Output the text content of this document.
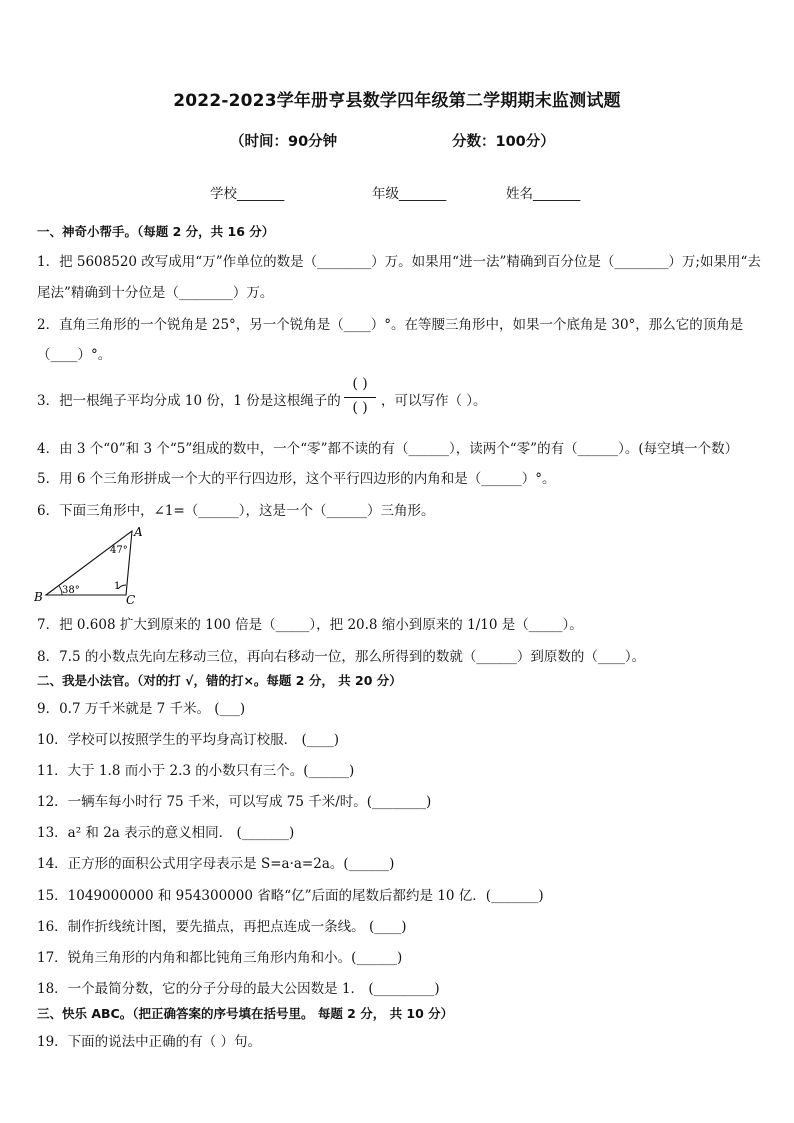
2022-2023学年册亨县数学四年级第二学期期末监测试题
（时间：90分钟	分数：100分）
学校_______	年级_______	姓名_______
一、神奇小帮手。（每题 2 分，共 16 分）
1．把 5608520 改写成用“万”作单位的数是（________）万。如果用“进一法”精确到百分位是（________）万;如果用“去
尾法”精确到十分位是（________）万。
2．直角三角形的一个锐角是 25°，另一个锐角是（____）°。在等腰三角形中，如果一个底角是 30°，那么它的顶角是
（____）°。
3．把一根绳子平均分成 10 份，1 份是这根绳子的
( )
( ) ，可以写作（ ）。
4．由 3 个“0”和 3 个“5”组成的数中，一个“零”都不读的有（______），读两个“零”的有（______）。(每空填一个数）
5．用 6 个三角形拼成一个大的平行四边形，这个平行四边形的内角和是（______）°。
6．下面三角形中，∠1=（______），这是一个（______）三角形。
A
B	C
47°
38°	1
7．把 0.608 扩大到原来的 100 倍是（_____），把 20.8 缩小到原来的 1/10 是（_____）。
8．7.5 的小数点先向左移动三位，再向右移动一位，那么所得到的数就（______）到原数的（____）。
二、我是小法官。（对的打 √，错的打×。每题 2 分， 共 20 分）
9．0.7 万千米就是 7 千米。 (___)
10．学校可以按照学生的平均身高订校服． (____)
11．大于 1.8 而小于 2.3 的小数只有三个。(______)
12．一辆车每小时行 75 千米，可以写成 75 千米/时。(________)
13．a² 和 2a 表示的意义相同． (_______)
14．正方形的面积公式用字母表示是 S=a·a=2a。(______)
15．1049000000 和 954300000 省略“亿”后面的尾数后都约是 10 亿．(_______)
16．制作折线统计图，要先描点，再把点连成一条线。 (____)
17．锐角三角形的内角和都比钝角三角形内角和小。(______)
18．一个最简分数，它的分子分母的最大公因数是 1． (_________)
三、快乐 ABC。（把正确答案的序号填在括号里。 每题 2 分， 共 10 分）
19．下面的说法中正确的有（ ）句。
